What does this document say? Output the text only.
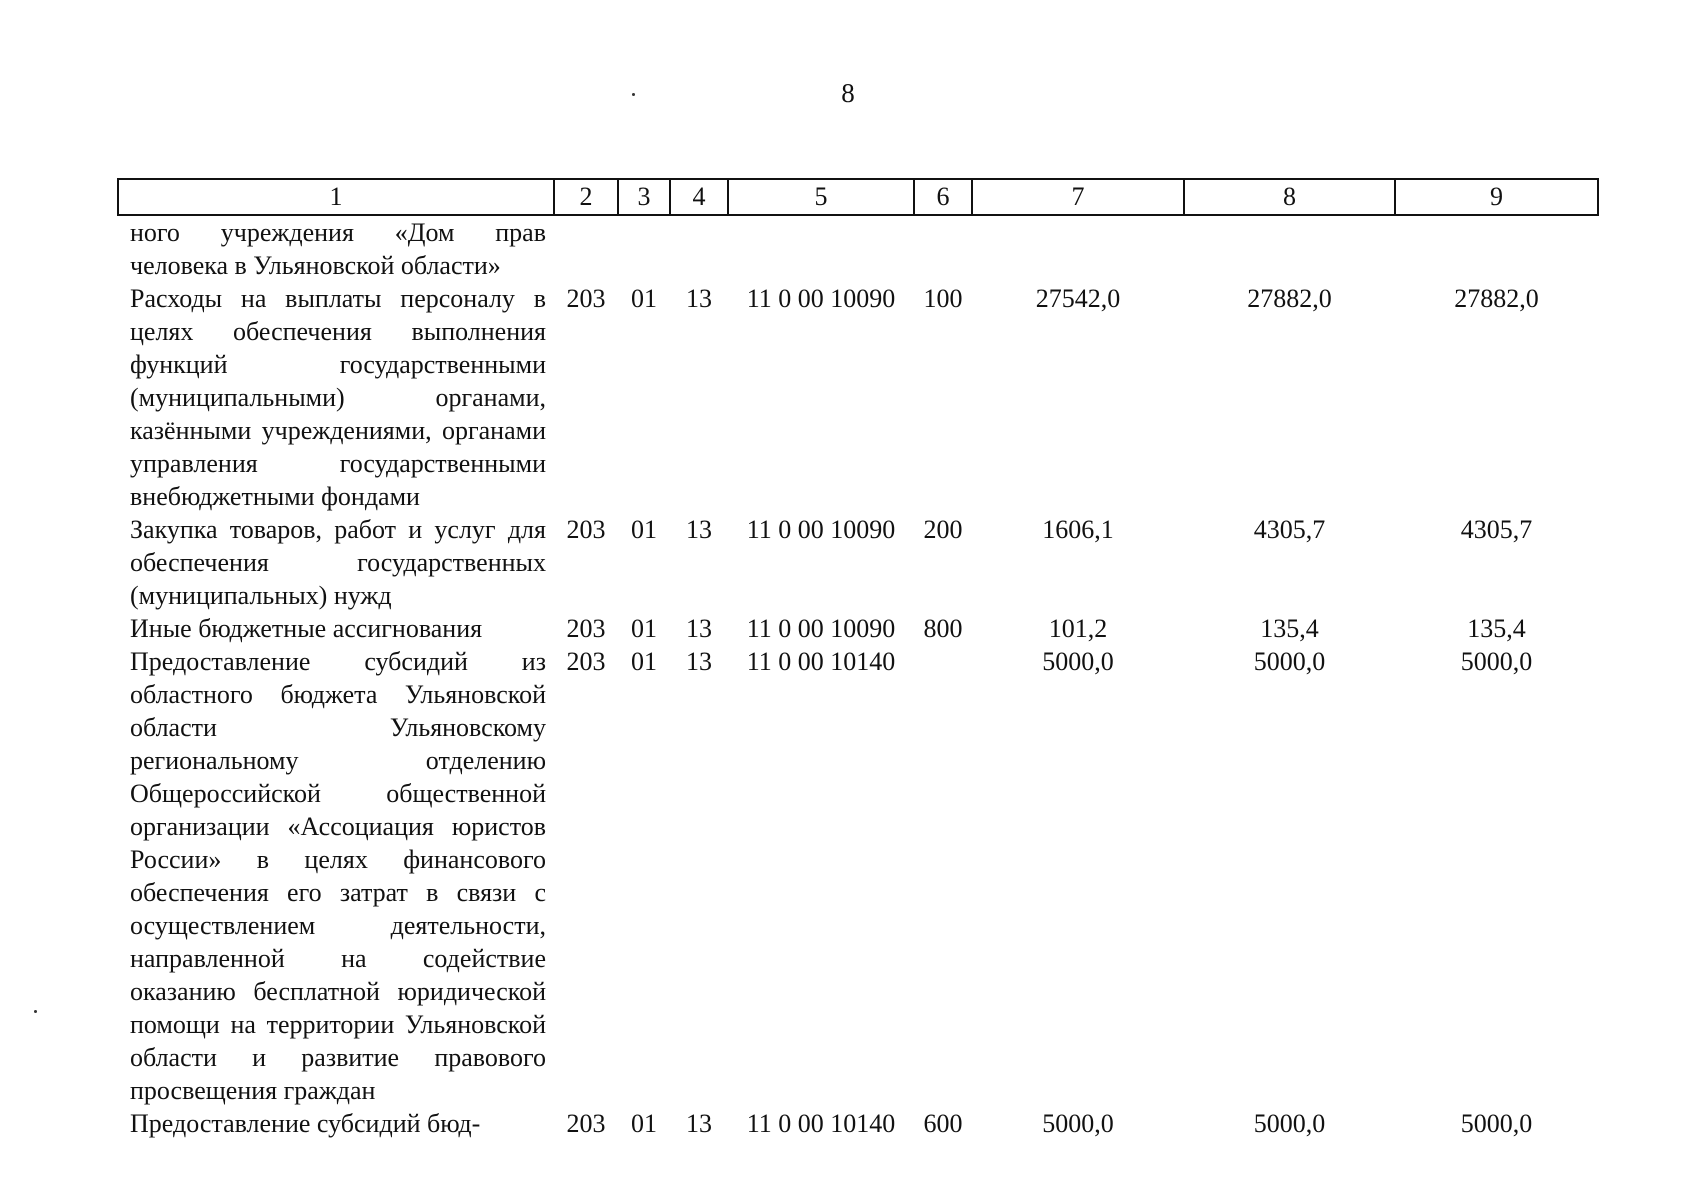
8
1	2	3	4	5	6	7	8	9
ного учреждения «Дом прав человека в Ульяновской области»								
Расходы на выплаты персоналу в целях обеспечения выполнения функций государственными (муниципальными) органами, казёнными учреждениями, органами управления государственными внебюджетными фондами	203	01	13	11 0 00 10090	100	27542,0	27882,0	27882,0
Закупка товаров, работ и услуг для обеспечения государственных (муниципальных) нужд	203	01	13	11 0 00 10090	200	1606,1	4305,7	4305,7
Иные бюджетные ассигнования	203	01	13	11 0 00 10090	800	101,2	135,4	135,4
Предоставление субсидий из областного бюджета Ульяновской области Ульяновскому региональному отделению Общероссийской общественной организации «Ассоциация юристов России» в целях финансового обеспечения его затрат в связи с осуществлением деятельности, направленной на содействие оказанию бесплатной юридической помощи на территории Ульяновской области и развитие правового просвещения граждан	203	01	13	11 0 00 10140		5000,0	5000,0	5000,0
Предоставление субсидий бюд-	203	01	13	11 0 00 10140	600	5000,0	5000,0	5000,0
